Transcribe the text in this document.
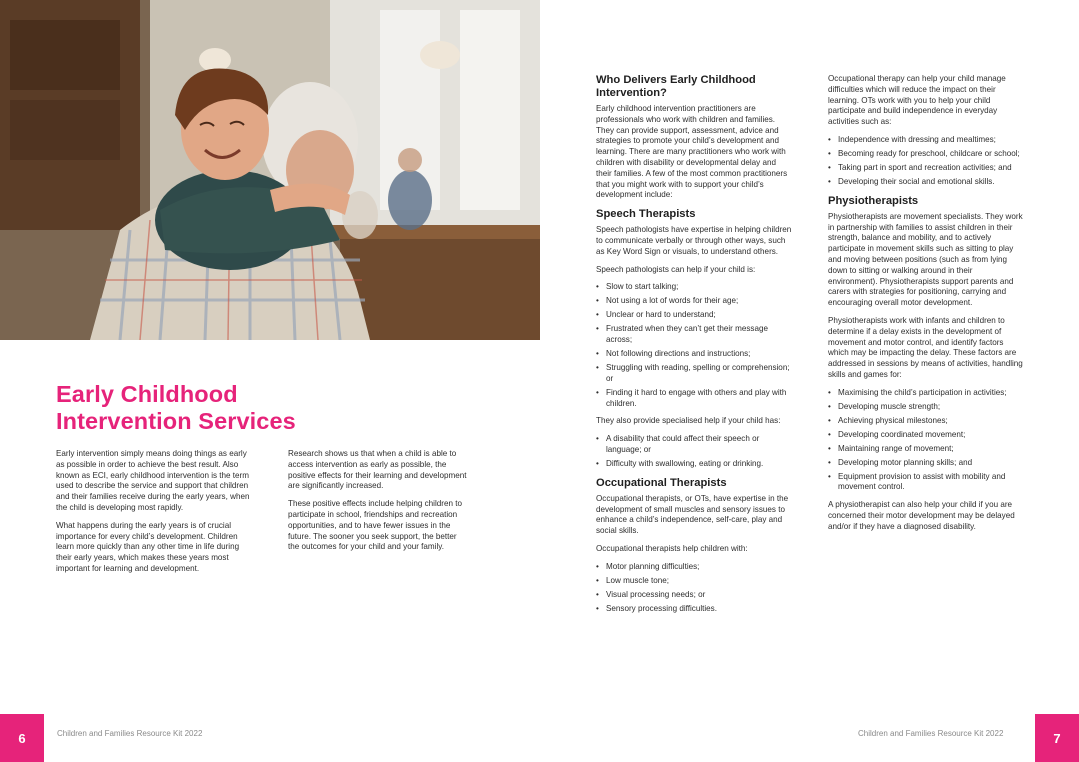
Early Childhood
Intervention Services

Early intervention simply means doing things as early as possible in order to achieve the best result. Also known as ECI, early childhood intervention is the term used to describe the service and support that children and their families receive during the early years, when the child is developing most rapidly.

What happens during the early years is of crucial importance for every child’s development. Children learn more quickly than any other time in life during their early years, which makes these years most important for learning and development.

Research shows us that when a child is able to access intervention as early as possible, the positive effects for their learning and development are significantly increased.

These positive effects include helping children to participate in school, friendships and recreation opportunities, and to have fewer issues in the future. The sooner you seek support, the better the outcomes for your child and your family.

6	Children and Families Resource Kit 2022
Who Delivers Early Childhood Intervention?

Early childhood intervention practitioners are professionals who work with children and families. They can provide support, assessment, advice and strategies to promote your child’s development and learning. There are many practitioners who work with children with disability or developmental delay and their families. A few of the most common practitioners that you might work with to support your child’s development include:

Speech Therapists

Speech pathologists have expertise in helping children to communicate verbally or through other ways, such as Key Word Sign or visuals, to understand others.

Speech pathologists can help if your child is:

• Slow to start talking;
• Not using a lot of words for their age;
• Unclear or hard to understand;
• Frustrated when they can’t get their message across;
• Not following directions and instructions;
• Struggling with reading, spelling or comprehension; or
• Finding it hard to engage with others and play with children.

They also provide specialised help if your child has:

• A disability that could affect their speech or language; or
• Difficulty with swallowing, eating or drinking.
Occupational Therapists

Occupational therapists, or OTs, have expertise in the development of small muscles and sensory issues to enhance a child’s independence, self-care, play and social skills.

Occupational therapists help children with:

• Motor planning difficulties;
• Low muscle tone;
• Visual processing needs; or
• Sensory processing difficulties.

Occupational therapy can help your child manage difficulties which will reduce the impact on their learning. OTs work with you to help your child participate and build independence in everyday activities such as:

• Independence with dressing and mealtimes;
• Becoming ready for preschool, childcare or school;
• Taking part in sport and recreation activities; and
• Developing their social and emotional skills.
Physiotherapists

Physiotherapists are movement specialists. They work in partnership with families to assist children in their strength, balance and mobility, and to actively participate in movement skills such as sitting to play and moving between positions (such as from lying down to sitting or walking around in their environment). Physiotherapists support parents and carers with strategies for positioning, carrying and encouraging overall motor development.

Physiotherapists work with infants and children to determine if a delay exists in the development of movement and motor control, and identify factors which may be impacting the delay. These factors are addressed in sessions by means of activities, handling skills and games for:

• Maximising the child’s participation in activities;
• Developing muscle strength;
• Achieving physical milestones;
• Developing coordinated movement;
• Maintaining range of movement;
• Developing motor planning skills; and
• Equipment provision to assist with mobility and movement control.

A physiotherapist can also help your child if you are concerned their motor development may be delayed and/or if they have a diagnosed disability.

Children and Families Resource Kit 2022	7
